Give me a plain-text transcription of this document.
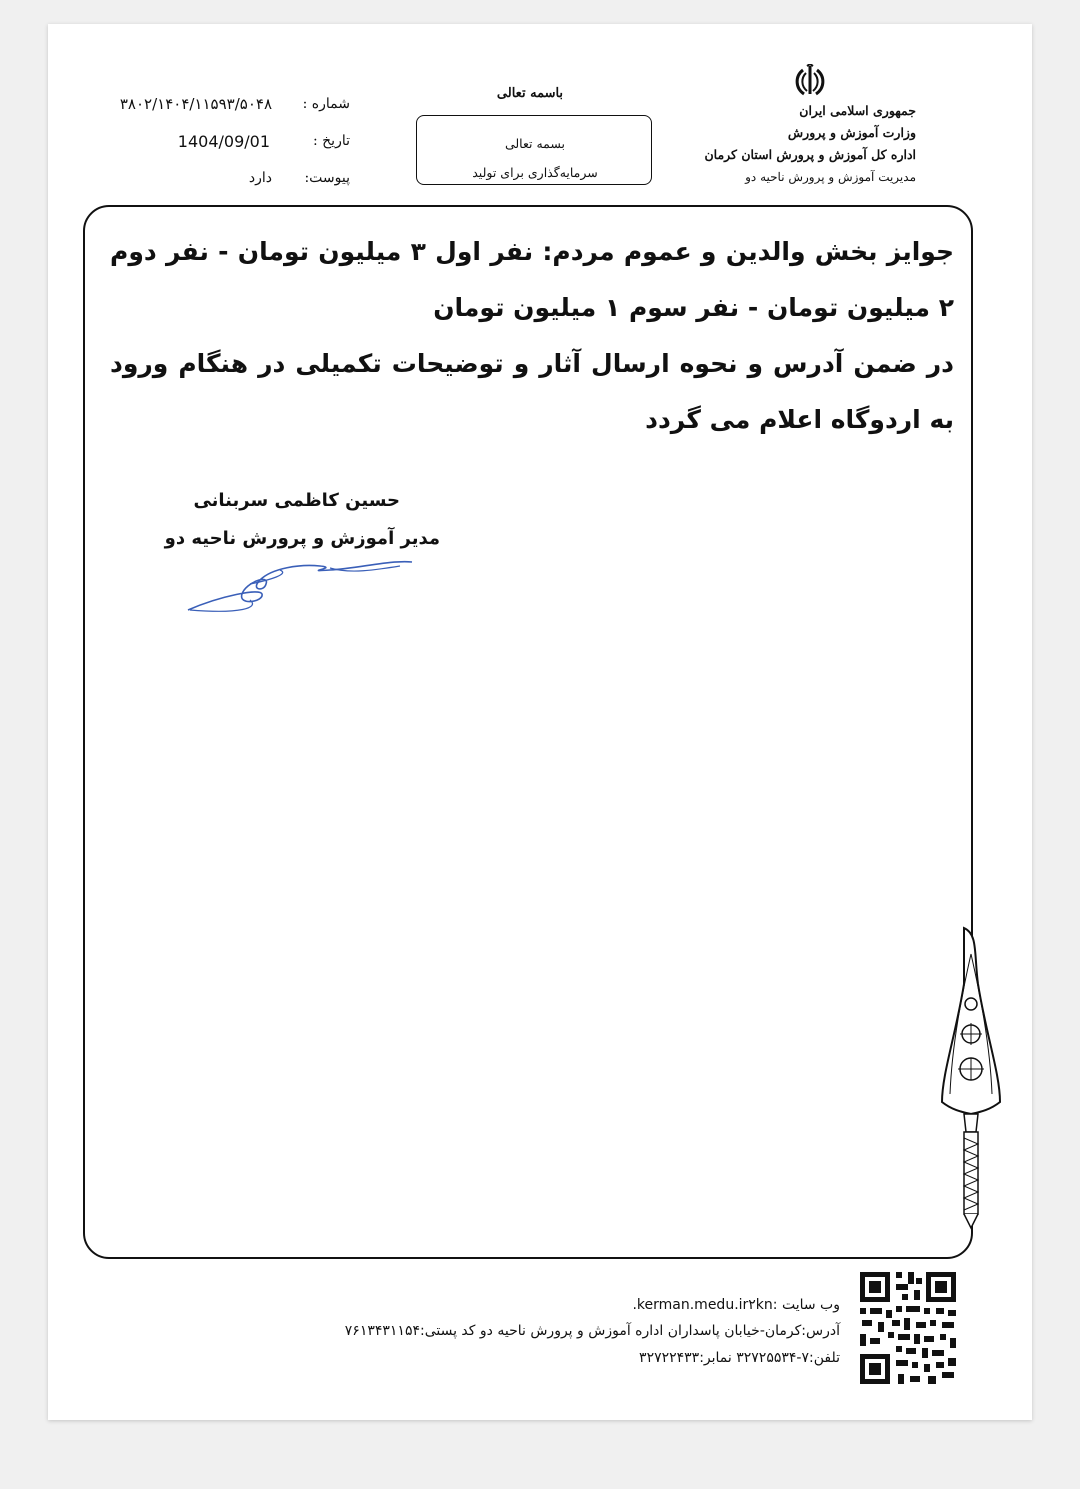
جمهوری اسلامی ایران
وزارت آموزش و پرورش
اداره کل آموزش و پرورش استان کرمان
مدیریت آموزش و پرورش ناحیه دو
باسمه تعالی
بسمه تعالی
سرمایه‌گذاری برای تولید
شماره :
۳۸۰۲/۱۴۰۴/۱۱۵۹۳/۵۰۴۸
تاریخ :
1404/09/01
پیوست:
دارد
جوایز بخش والدین و عموم مردم: نفر اول ۳ میلیون تومان - نفر دوم ۲ میلیون تومان - نفر سوم ۱ میلیون تومان
در ضمن آدرس و نحوه ارسال آثار و توضیحات تکمیلی در هنگام ورود به اردوگاه اعلام می گردد
حسین کاظمی سربنانی
مدیر آموزش و پرورش ناحیه دو
وب سایت :kerman.medu.ir۲kn.
آدرس:کرمان-خیابان پاسداران اداره آموزش و پرورش ناحیه دو کد پستی:۷۶۱۳۴۳۱۱۵۴
تلفن:۷-۳۲۷۲۵۵۳۴ نمابر:۳۲۷۲۲۴۳۳
